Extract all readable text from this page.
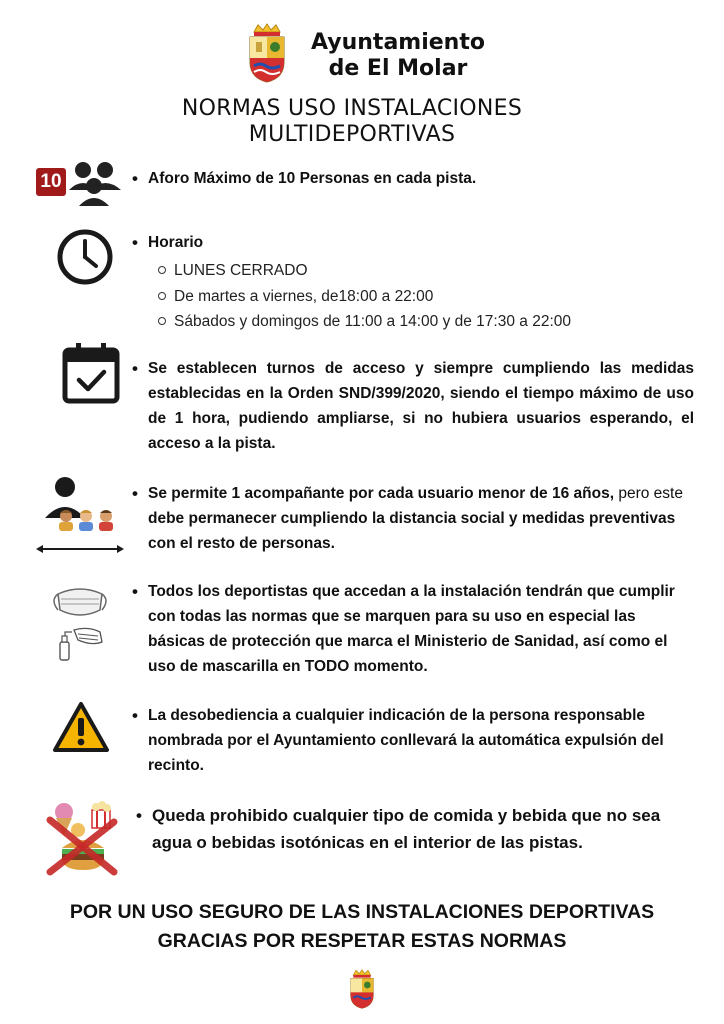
Ayuntamiento
de El Molar
NORMAS USO INSTALACIONES
MULTIDEPORTIVAS
10	• Aforo Máximo de 10 Personas en cada pista.
• Horario
LUNES CERRADO
De martes a viernes, de18:00 a 22:00
Sábados y domingos de 11:00 a 14:00 y de 17:30 a 22:00
• Se establecen turnos de acceso y siempre cumpliendo las medidas establecidas en la Orden SND/399/2020, siendo el tiempo máximo de uso de 1 hora, pudiendo ampliarse, si no hubiera usuarios esperando, el acceso a la pista.
• Se permite 1 acompañante por cada usuario menor de 16 años, pero este debe permanecer cumpliendo la distancia social y medidas preventivas con el resto de personas.
• Todos los deportistas que accedan a la instalación tendrán que cumplir con todas las normas que se marquen para su uso en especial las básicas de protección que marca el Ministerio de Sanidad, así como el uso de mascarilla en TODO momento.
• La desobediencia a cualquier indicación de la persona responsable nombrada por el Ayuntamiento conllevará la automática expulsión del recinto.
• Queda prohibido cualquier tipo de comida y bebida que no sea agua o bebidas isotónicas en el interior de las pistas.
POR UN USO SEGURO DE LAS INSTALACIONES DEPORTIVAS
GRACIAS POR RESPETAR ESTAS NORMAS
